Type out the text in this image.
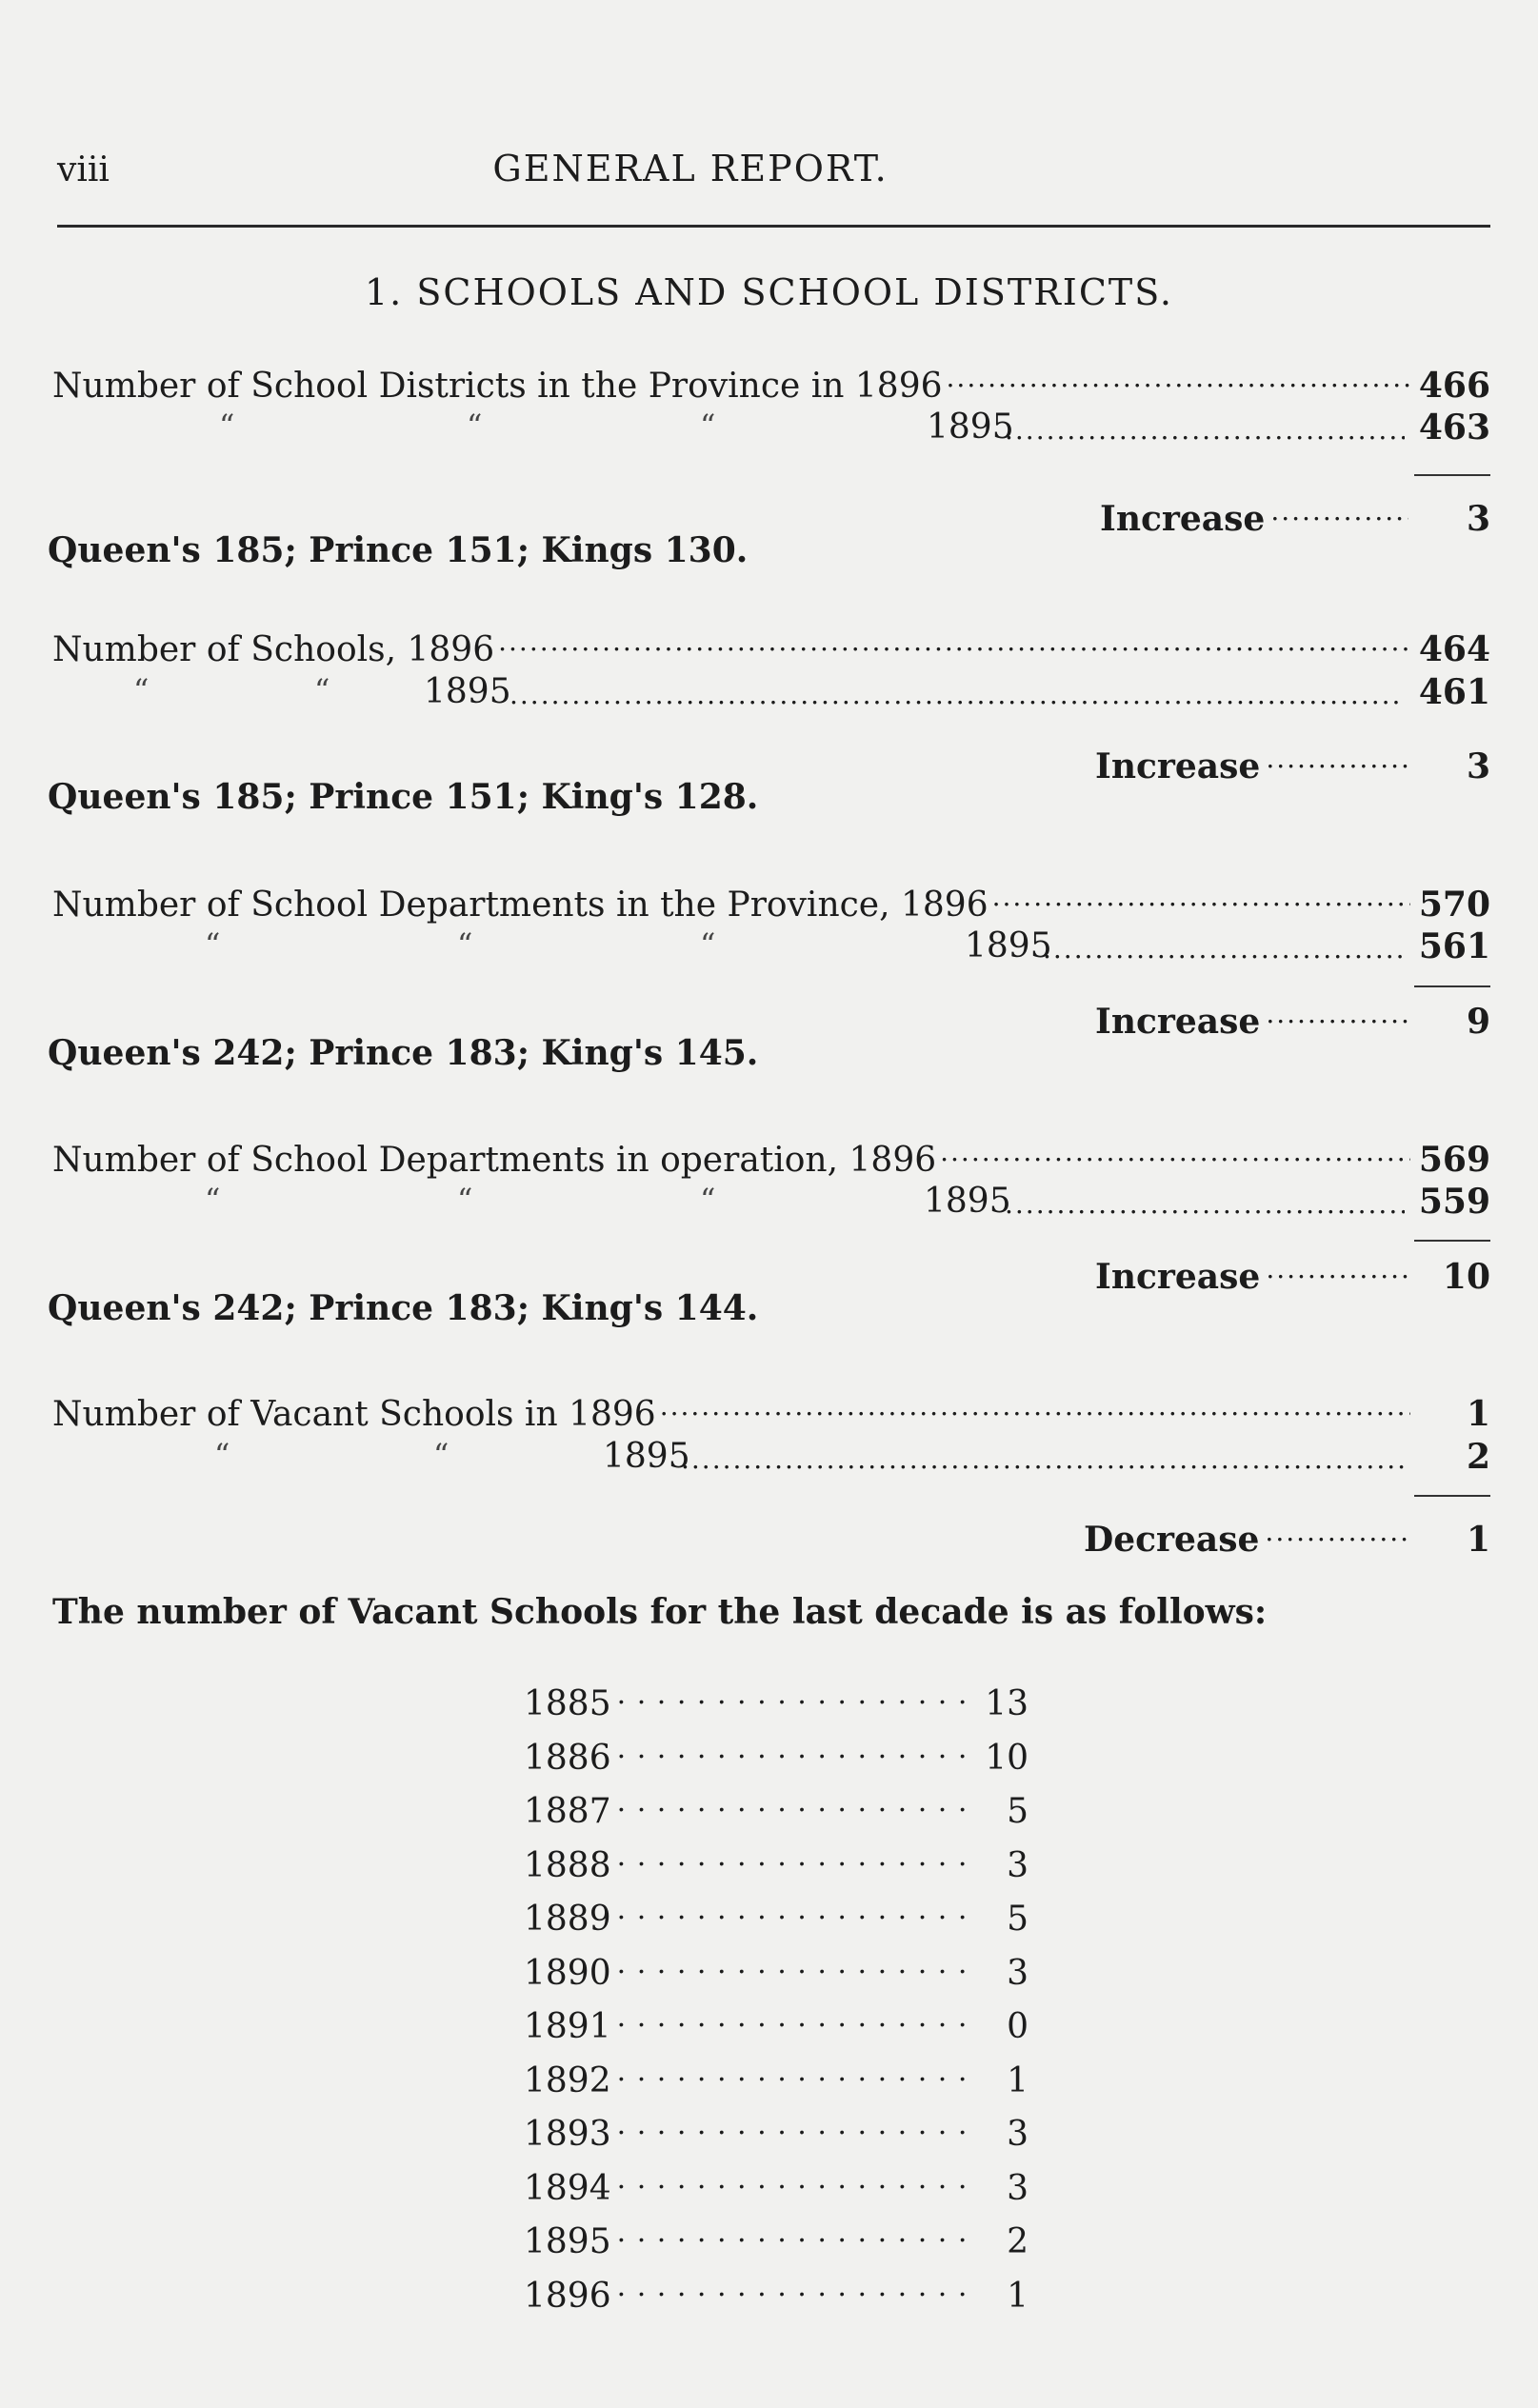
viii	GENERAL REPORT.
1. SCHOOLS AND SCHOOL DISTRICTS.
Number of School Districts in the Province in 1896 .....	466
“	“	“	1895 .....	463
Increase .....	3
Queen's 185; Prince 151; Kings 130.
Number of Schools, 1896 .....	464
“	“	1895 .....	461
Increase .....	3
Queen's 185; Prince 151; King's 128.
Number of School Departments in the Province, 1896 .....	570
“	“	“	1895 .....	561
Increase .....	9
Queen's 242; Prince 183; King's 145.
Number of School Departments in operation, 1896 .....	569
“	“	“	1895 .....	559
Increase .....	10
Queen's 242; Prince 183; King's 144.
Number of Vacant Schools in 1896 .....	1
“	“	1895 .....	2
Decrease .....	1
The number of Vacant Schools for the last decade is as follows:
1885 . . .	13
1886 . . .	10
1887 . . .	5
1888 . . .	3
1889 . . .	5
1890 . . .	3
1891 . . .	0
1892 . . .	1
1893 . . .	3
1894 . . .	3
1895 . . .	2
1896 . . .	1
